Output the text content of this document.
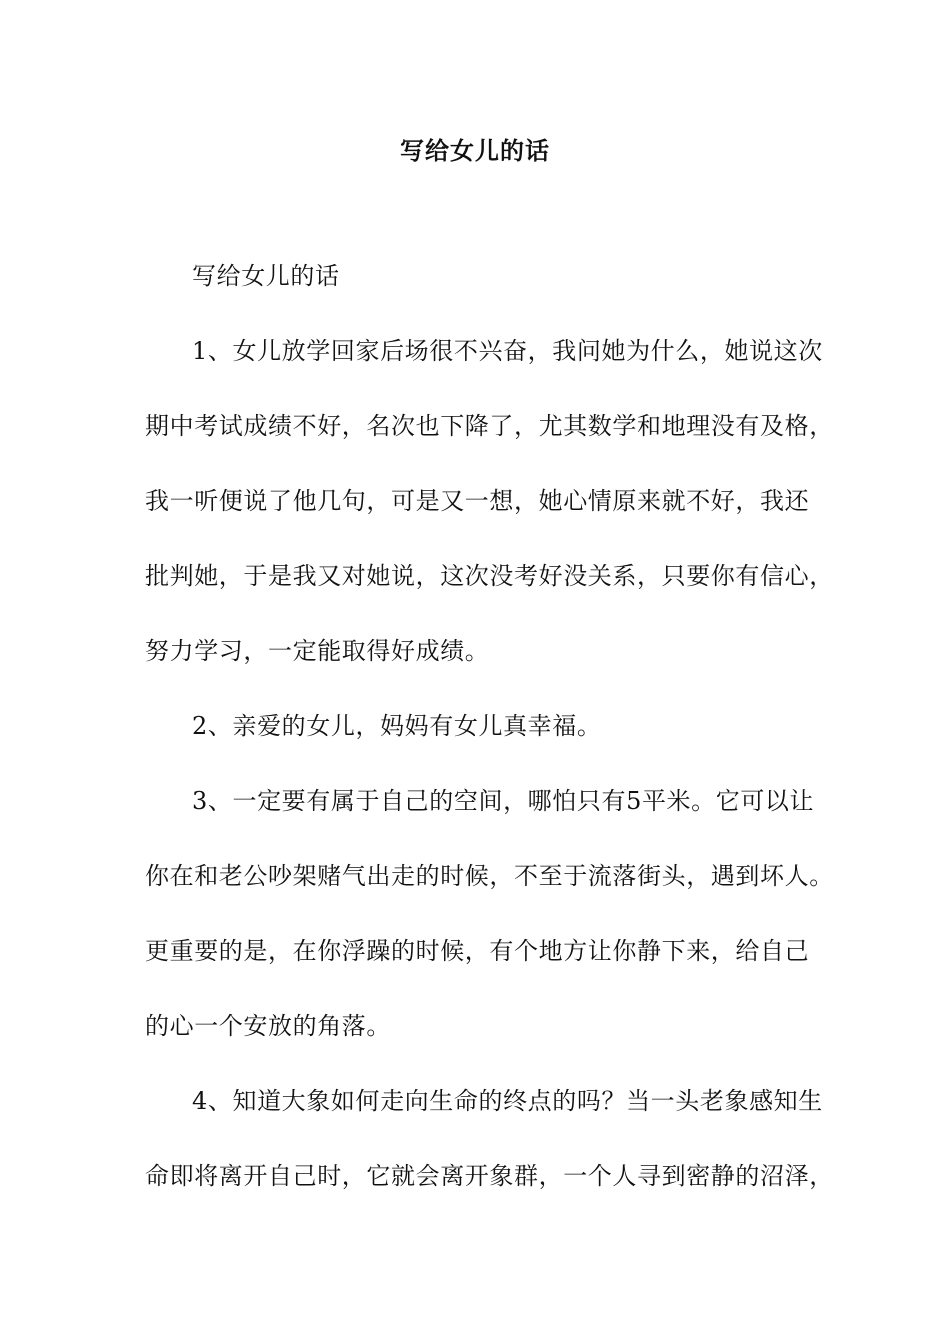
写给女儿的话
写给女儿的话
1、女儿放学回家后场很不兴奋，我问她为什么，她说这次
期中考试成绩不好，名次也下降了，尤其数学和地理没有及格，
我一听便说了他几句，可是又一想，她心情原来就不好，我还
批判她，于是我又对她说，这次没考好没关系，只要你有信心，
努力学习，一定能取得好成绩。
2、亲爱的女儿，妈妈有女儿真幸福。
3、一定要有属于自己的空间，哪怕只有5平米。它可以让
你在和老公吵架赌气出走的时候，不至于流落街头，遇到坏人。
更重要的是，在你浮躁的时候，有个地方让你静下来，给自己
的心一个安放的角落。
4、知道大象如何走向生命的终点的吗？当一头老象感知生
命即将离开自己时，它就会离开象群，一个人寻到密静的沼泽，
